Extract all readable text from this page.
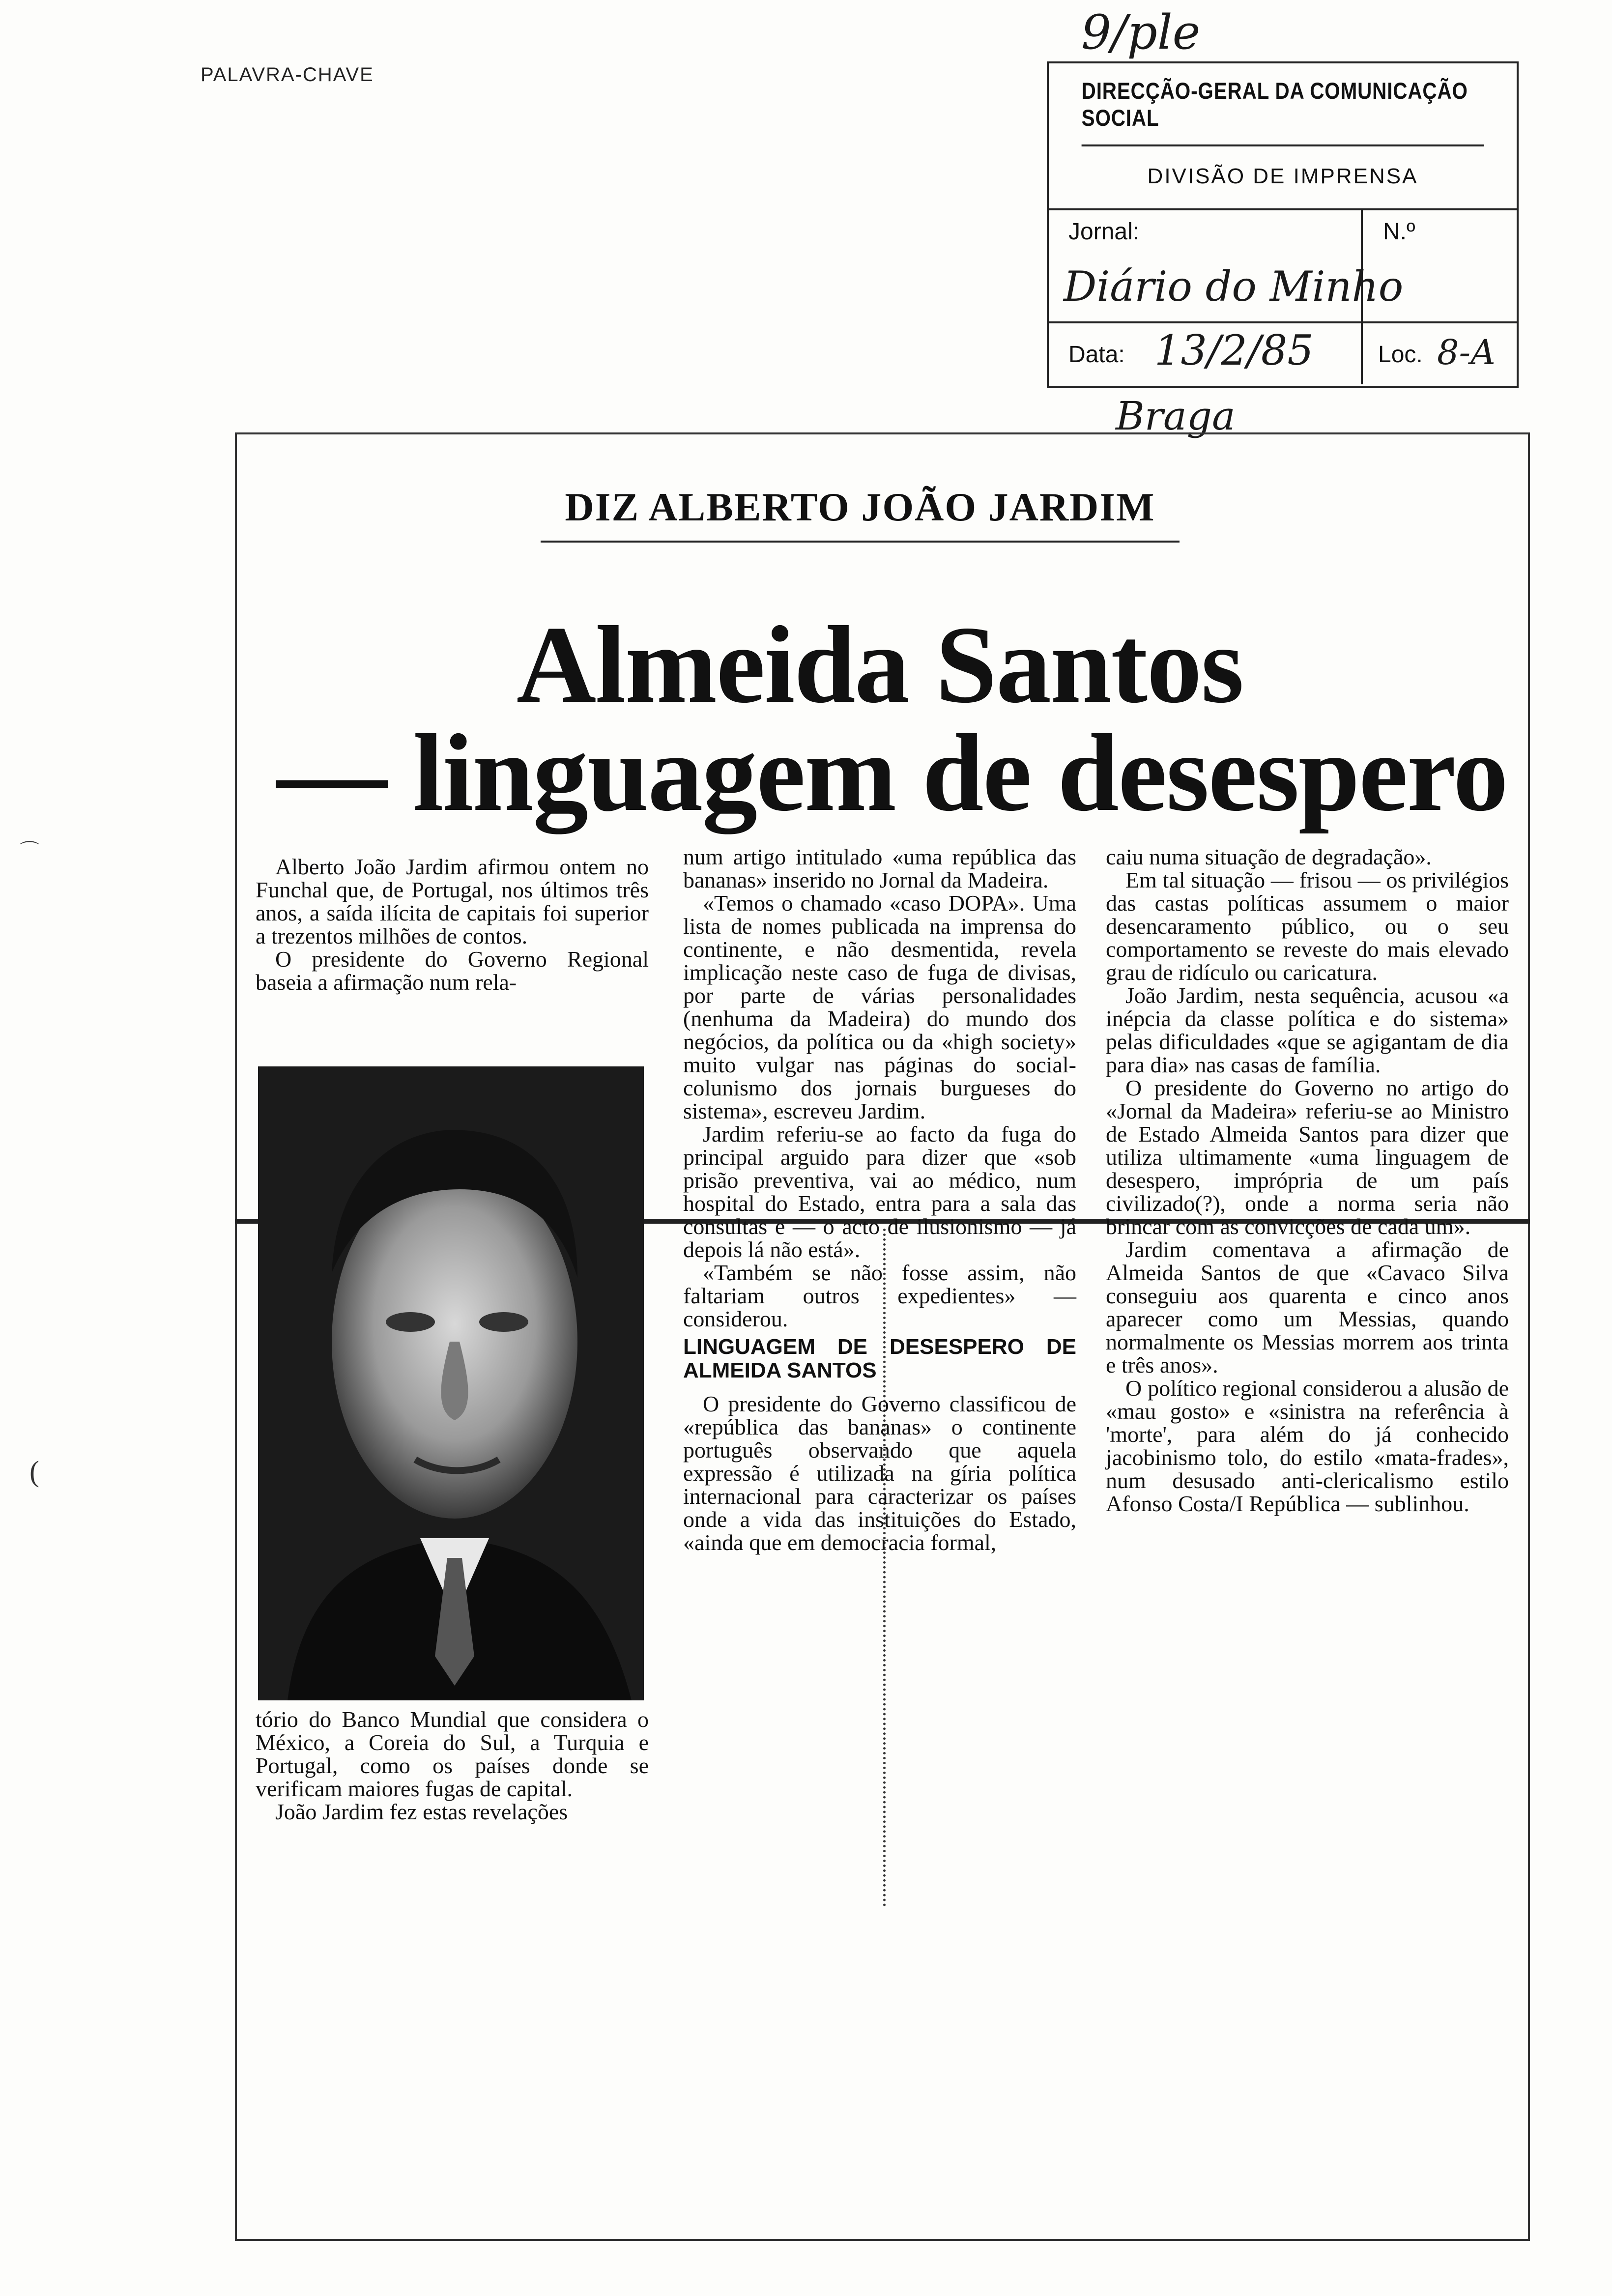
PALAVRA-CHAVE
DIRECÇÃO-GERAL DA COMUNICAÇÃO SOCIAL
DIVISÃO DE IMPRENSA
Jornal:	N.º
Diário do Minho
Data: 13/2/85	Loc. 8-A
9/ple
Braga
DIZ ALBERTO JOÃO JARDIM
Almeida Santos
— linguagem de desespero

Alberto João Jardim afirmou ontem no Funchal que, de Portugal, nos últimos três anos, a saída ilícita de capitais foi superior a trezentos milhões de contos.

O presidente do Governo Regional baseia a afirmação num rela-

tório do Banco Mundial que considera o México, a Coreia do Sul, a Turquia e Portugal, como os países donde se verificam maiores fugas de capital.

João Jardim fez estas revelações

num artigo intitulado «uma república das bananas» inserido no Jornal da Madeira.

«Temos o chamado «caso DOPA». Uma lista de nomes publicada na imprensa do continente, e não desmentida, revela implicação neste caso de fuga de divisas, por parte de várias personalidades (nenhuma da Madeira) do mundo dos negócios, da política ou da «high society» muito vulgar nas páginas do social-colunismo dos jornais burgueses do sistema», escreveu Jardim.

Jardim referiu-se ao facto da fuga do principal arguido para dizer que «sob prisão preventiva, vai ao médico, num hospital do Estado, entra para a sala das consultas e — o acto de ilusionismo — já depois lá não está».

«Também se não fosse assim, não faltariam outros expedientes» — considerou.

LINGUAGEM DE DESESPERO DE ALMEIDA SANTOS

O presidente do Governo classificou de «república das bananas» o continente português observando que aquela expressão é utilizada na gíria política internacional para caracterizar os países onde a vida das instituições do Estado, «ainda que em democracia formal,

caiu numa situação de degradação».

Em tal situação — frisou — os privilégios das castas políticas assumem o maior desencaramento público, ou o seu comportamento se reveste do mais elevado grau de ridículo ou caricatura.

João Jardim, nesta sequência, acusou «a inépcia da classe política e do sistema» pelas dificuldades «que se agigantam de dia para dia» nas casas de família.

O presidente do Governo no artigo do «Jornal da Madeira» referiu-se ao Ministro de Estado Almeida Santos para dizer que utiliza ultimamente «uma linguagem de desespero, imprópria de um país civilizado(?), onde a norma seria não brincar com as convicções de cada um».

Jardim comentava a afirmação de Almeida Santos de que «Cavaco Silva conseguiu aos quarenta e cinco anos aparecer como um Messias, quando normalmente os Messias morrem aos trinta e três anos».

O político regional considerou a alusão de «mau gosto» e «sinistra na referência à 'morte', para além do já conhecido jacobinismo tolo, do estilo «mata-frades», num desusado anti-clericalismo estilo Afonso Costa/I República — sublinhou.

(
⌒
